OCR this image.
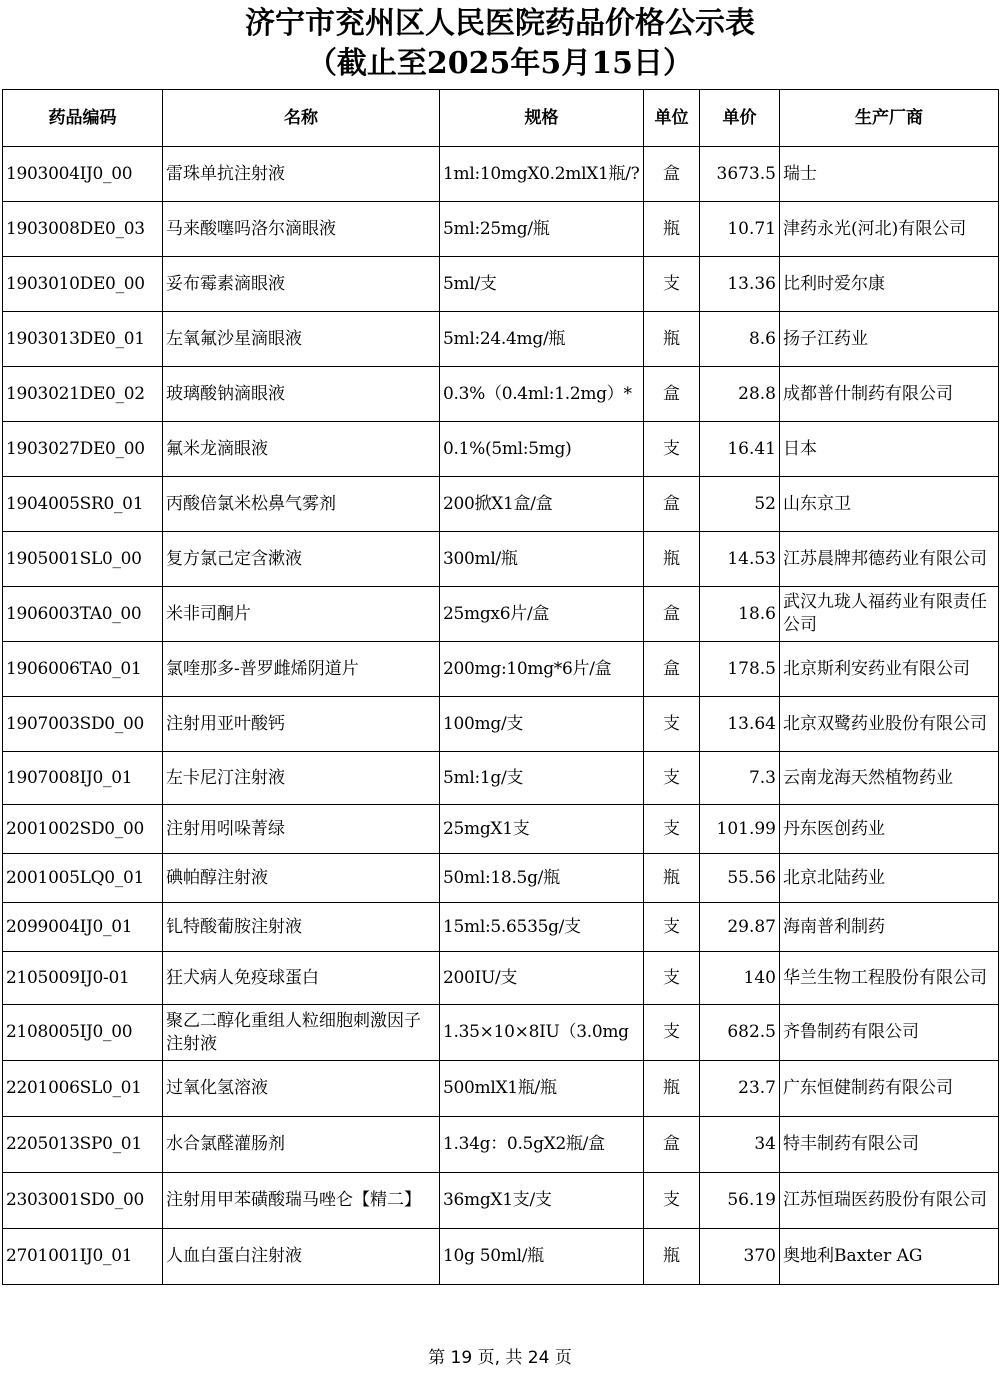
济宁市兖州区人民医院药品价格公示表
（截止至2025年5月15日）
药品编码	名称	规格	单位	单价	生产厂商
1903004IJ0_00	雷珠单抗注射液	1ml:10mgX0.2mlX1瓶/?	盒	3673.5	瑞士
1903008DE0_03	马来酸噻吗洛尔滴眼液	5ml:25mg/瓶	瓶	10.71	津药永光(河北)有限公司
1903010DE0_00	妥布霉素滴眼液	5ml/支	支	13.36	比利时爱尔康
1903013DE0_01	左氧氟沙星滴眼液	5ml:24.4mg/瓶	瓶	8.6	扬子江药业
1903021DE0_02	玻璃酸钠滴眼液	0.3%（0.4ml:1.2mg）*	盒	28.8	成都普什制药有限公司
1903027DE0_00	氟米龙滴眼液	0.1%(5ml:5mg)	支	16.41	日本
1904005SR0_01	丙酸倍氯米松鼻气雾剂	200掀X1盒/盒	盒	52	山东京卫
1905001SL0_00	复方氯己定含漱液	300ml/瓶	瓶	14.53	江苏晨牌邦德药业有限公司
1906003TA0_00	米非司酮片	25mgx6片/盒	盒	18.6	武汉九珑人福药业有限责任公司
1906006TA0_01	氯喹那多-普罗雌烯阴道片	200mg:10mg*6片/盒	盒	178.5	北京斯利安药业有限公司
1907003SD0_00	注射用亚叶酸钙	100mg/支	支	13.64	北京双鹭药业股份有限公司
1907008IJ0_01	左卡尼汀注射液	5ml:1g/支	支	7.3	云南龙海天然植物药业
2001002SD0_00	注射用吲哚菁绿	25mgX1支	支	101.99	丹东医创药业
2001005LQ0_01	碘帕醇注射液	50ml:18.5g/瓶	瓶	55.56	北京北陆药业
2099004IJ0_01	钆特酸葡胺注射液	15ml:5.6535g/支	支	29.87	海南普利制药
2105009IJ0-01	狂犬病人免疫球蛋白	200IU/支	支	140	华兰生物工程股份有限公司
2108005IJ0_00	聚乙二醇化重组人粒细胞刺激因子注射液	1.35×10×8IU（3.0mg	支	682.5	齐鲁制药有限公司
2201006SL0_01	过氧化氢溶液	500mlX1瓶/瓶	瓶	23.7	广东恒健制药有限公司
2205013SP0_01	水合氯醛灌肠剂	1.34g：0.5gX2瓶/盒	盒	34	特丰制药有限公司
2303001SD0_00	注射用甲苯磺酸瑞马唑仑【精二】	36mgX1支/支	支	56.19	江苏恒瑞医药股份有限公司
2701001IJ0_01	人血白蛋白注射液	10g 50ml/瓶	瓶	370	奥地利Baxter AG
第 19 页, 共 24 页
